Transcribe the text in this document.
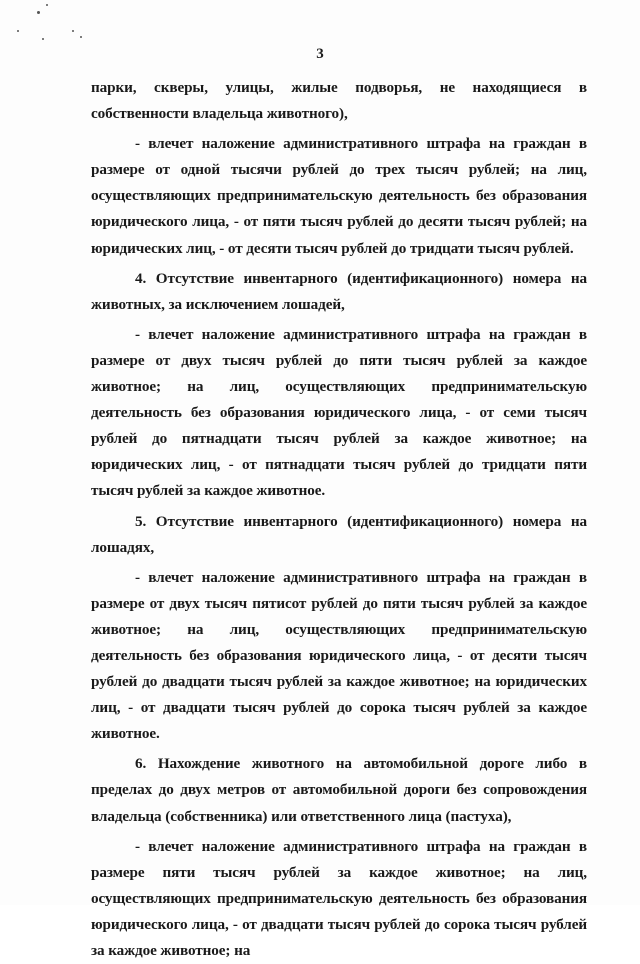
3

парки, скверы, улицы, жилые подворья, не находящиеся в собственности владельца животного),

- влечет наложение административного штрафа на граждан в размере от одной тысячи рублей до трех тысяч рублей; на лиц, осуществляющих предпринимательскую деятельность без образования юридического лица, - от пяти тысяч рублей до десяти тысяч рублей; на юридических лиц, - от десяти тысяч рублей до тридцати тысяч рублей.

4. Отсутствие инвентарного (идентификационного) номера на животных, за исключением лошадей,

- влечет наложение административного штрафа на граждан в размере от двух тысяч рублей до пяти тысяч рублей за каждое животное; на лиц, осуществляющих предпринимательскую деятельность без образования юридического лица, - от семи тысяч рублей до пятнадцати тысяч рублей за каждое животное; на юридических лиц, - от пятнадцати тысяч рублей до тридцати пяти тысяч рублей за каждое животное.

5. Отсутствие инвентарного (идентификационного) номера на лошадях,

- влечет наложение административного штрафа на граждан в размере от двух тысяч пятисот рублей до пяти тысяч рублей за каждое животное; на лиц, осуществляющих предпринимательскую деятельность без образования юридического лица, - от десяти тысяч рублей до двадцати тысяч рублей за каждое животное; на юридических лиц, - от двадцати тысяч рублей до сорока тысяч рублей за каждое животное.

6. Нахождение животного на автомобильной дороге либо в пределах до двух метров от автомобильной дороги без сопровождения владельца (собственника) или ответственного лица (пастуха),

- влечет наложение административного штрафа на граждан в размере пяти тысяч рублей за каждое животное; на лиц, осуществляющих предпринимательскую деятельность без образования юридического лица, - от двадцати тысяч рублей до сорока тысяч рублей за каждое животное; на
